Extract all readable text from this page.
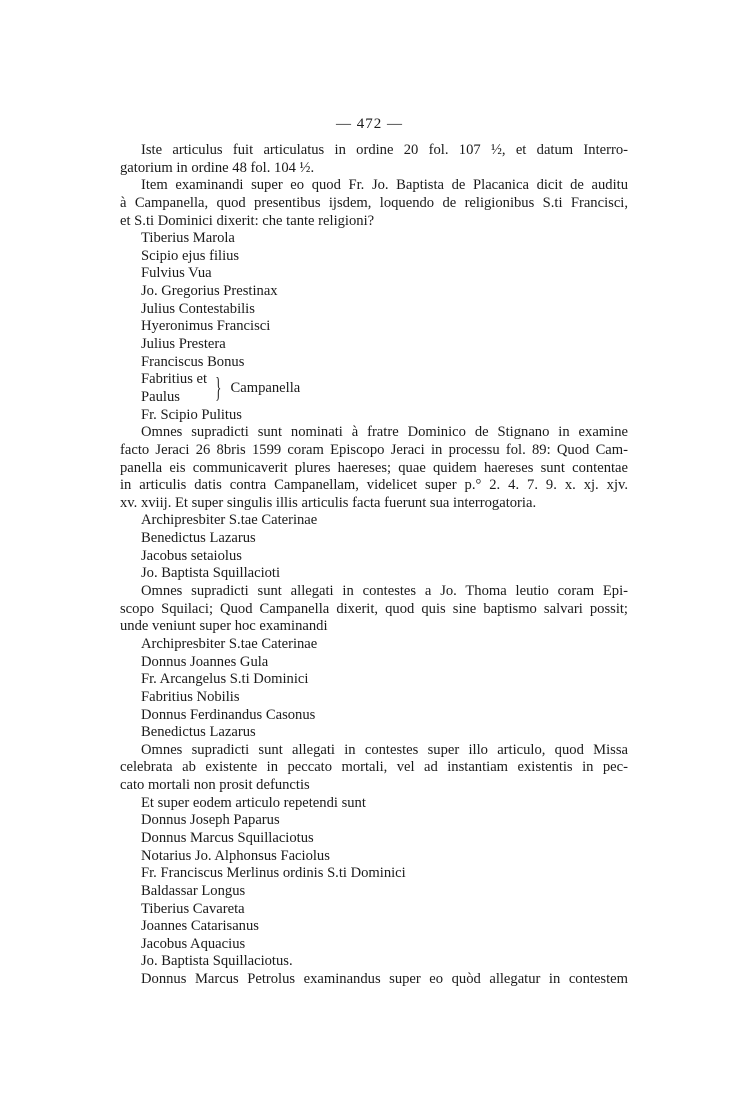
— 472 —
Iste articulus fuit articulatus in ordine 20 fol. 107 ½, et datum Interro-
gatorium in ordine 48 fol. 104 ½.
Item examinandi super eo quod Fr. Jo. Baptista de Placanica dicit de auditu
à Campanella, quod presentibus ijsdem, loquendo de religionibus S.ti Francisci,
et S.ti Dominici dixerit: che tante religioni?
Tiberius Marola
Scipio ejus filius
Fulvius Vua
Jo. Gregorius Prestinax
Julius Contestabilis
Hyeronimus Francisci
Julius Prestera
Franciscus Bonus
Fabritius et
Paulus	} Campanella
Fr. Scipio Pulitus
Omnes supradicti sunt nominati à fratre Dominico de Stignano in examine
facto Jeraci 26 8bris 1599 coram Episcopo Jeraci in processu fol. 89: Quod Cam-
panella eis communicaverit plures haereses; quae quidem haereses sunt contentae
in articulis datis contra Campanellam, videlicet super p.° 2. 4. 7. 9. x. xj. xjv.
xv. xviij. Et super singulis illis articulis facta fuerunt sua interrogatoria.
Archipresbiter S.tae Caterinae
Benedictus Lazarus
Jacobus setaiolus
Jo. Baptista Squillacioti
Omnes supradicti sunt allegati in contestes a Jo. Thoma leutio coram Epi-
scopo Squilaci; Quod Campanella dixerit, quod quis sine baptismo salvari possit;
unde veniunt super hoc examinandi
Archipresbiter S.tae Caterinae
Donnus Joannes Gula
Fr. Arcangelus S.ti Dominici
Fabritius Nobilis
Donnus Ferdinandus Casonus
Benedictus Lazarus
Omnes supradicti sunt allegati in contestes super illo articulo, quod Missa
celebrata ab existente in peccato mortali, vel ad instantiam existentis in pec-
cato mortali non prosit defunctis
Et super eodem articulo repetendi sunt
Donnus Joseph Paparus
Donnus Marcus Squillaciotus
Notarius Jo. Alphonsus Faciolus
Fr. Franciscus Merlinus ordinis S.ti Dominici
Baldassar Longus
Tiberius Cavareta
Joannes Catarisanus
Jacobus Aquacius
Jo. Baptista Squillaciotus.
Donnus Marcus Petrolus examinandus super eo quòd allegatur in contestem
